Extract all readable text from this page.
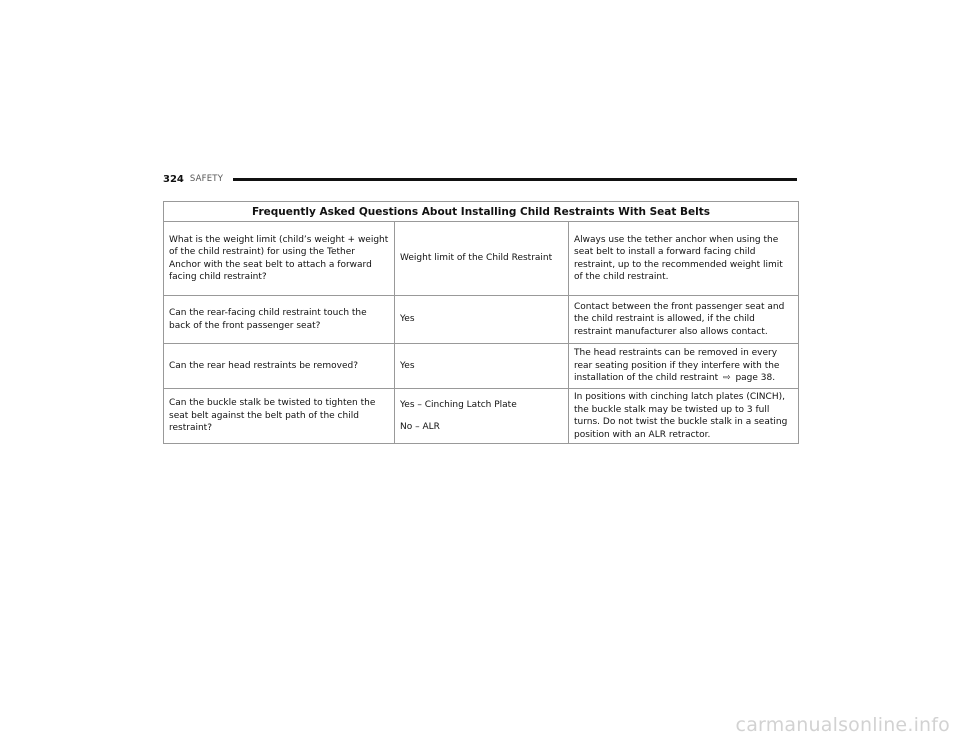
324 SAFETY
Frequently Asked Questions About Installing Child Restraints With Seat Belts
What is the weight limit (child’s weight + weight of the child restraint) for using the Tether Anchor with the seat belt to attach a forward facing child restraint?
Weight limit of the Child Restraint
Always use the tether anchor when using the seat belt to install a forward facing child restraint, up to the recommended weight limit of the child restraint.
Can the rear-facing child restraint touch the back of the front passenger seat?
Yes
Contact between the front passenger seat and the child restraint is allowed, if the child restraint manufacturer also allows contact.
Can the rear head restraints be removed?	Yes
The head restraints can be removed in every rear seating position if they interfere with the installation of the child restraint ⇨ page 38.
Can the buckle stalk be twisted to tighten the seat belt against the belt path of the child restraint?
Yes – Cinching Latch Plate
No – ALR
In positions with cinching latch plates (CINCH), the buckle stalk may be twisted up to 3 full turns. Do not twist the buckle stalk in a seating position with an ALR retractor.
carmanualsonline.info
